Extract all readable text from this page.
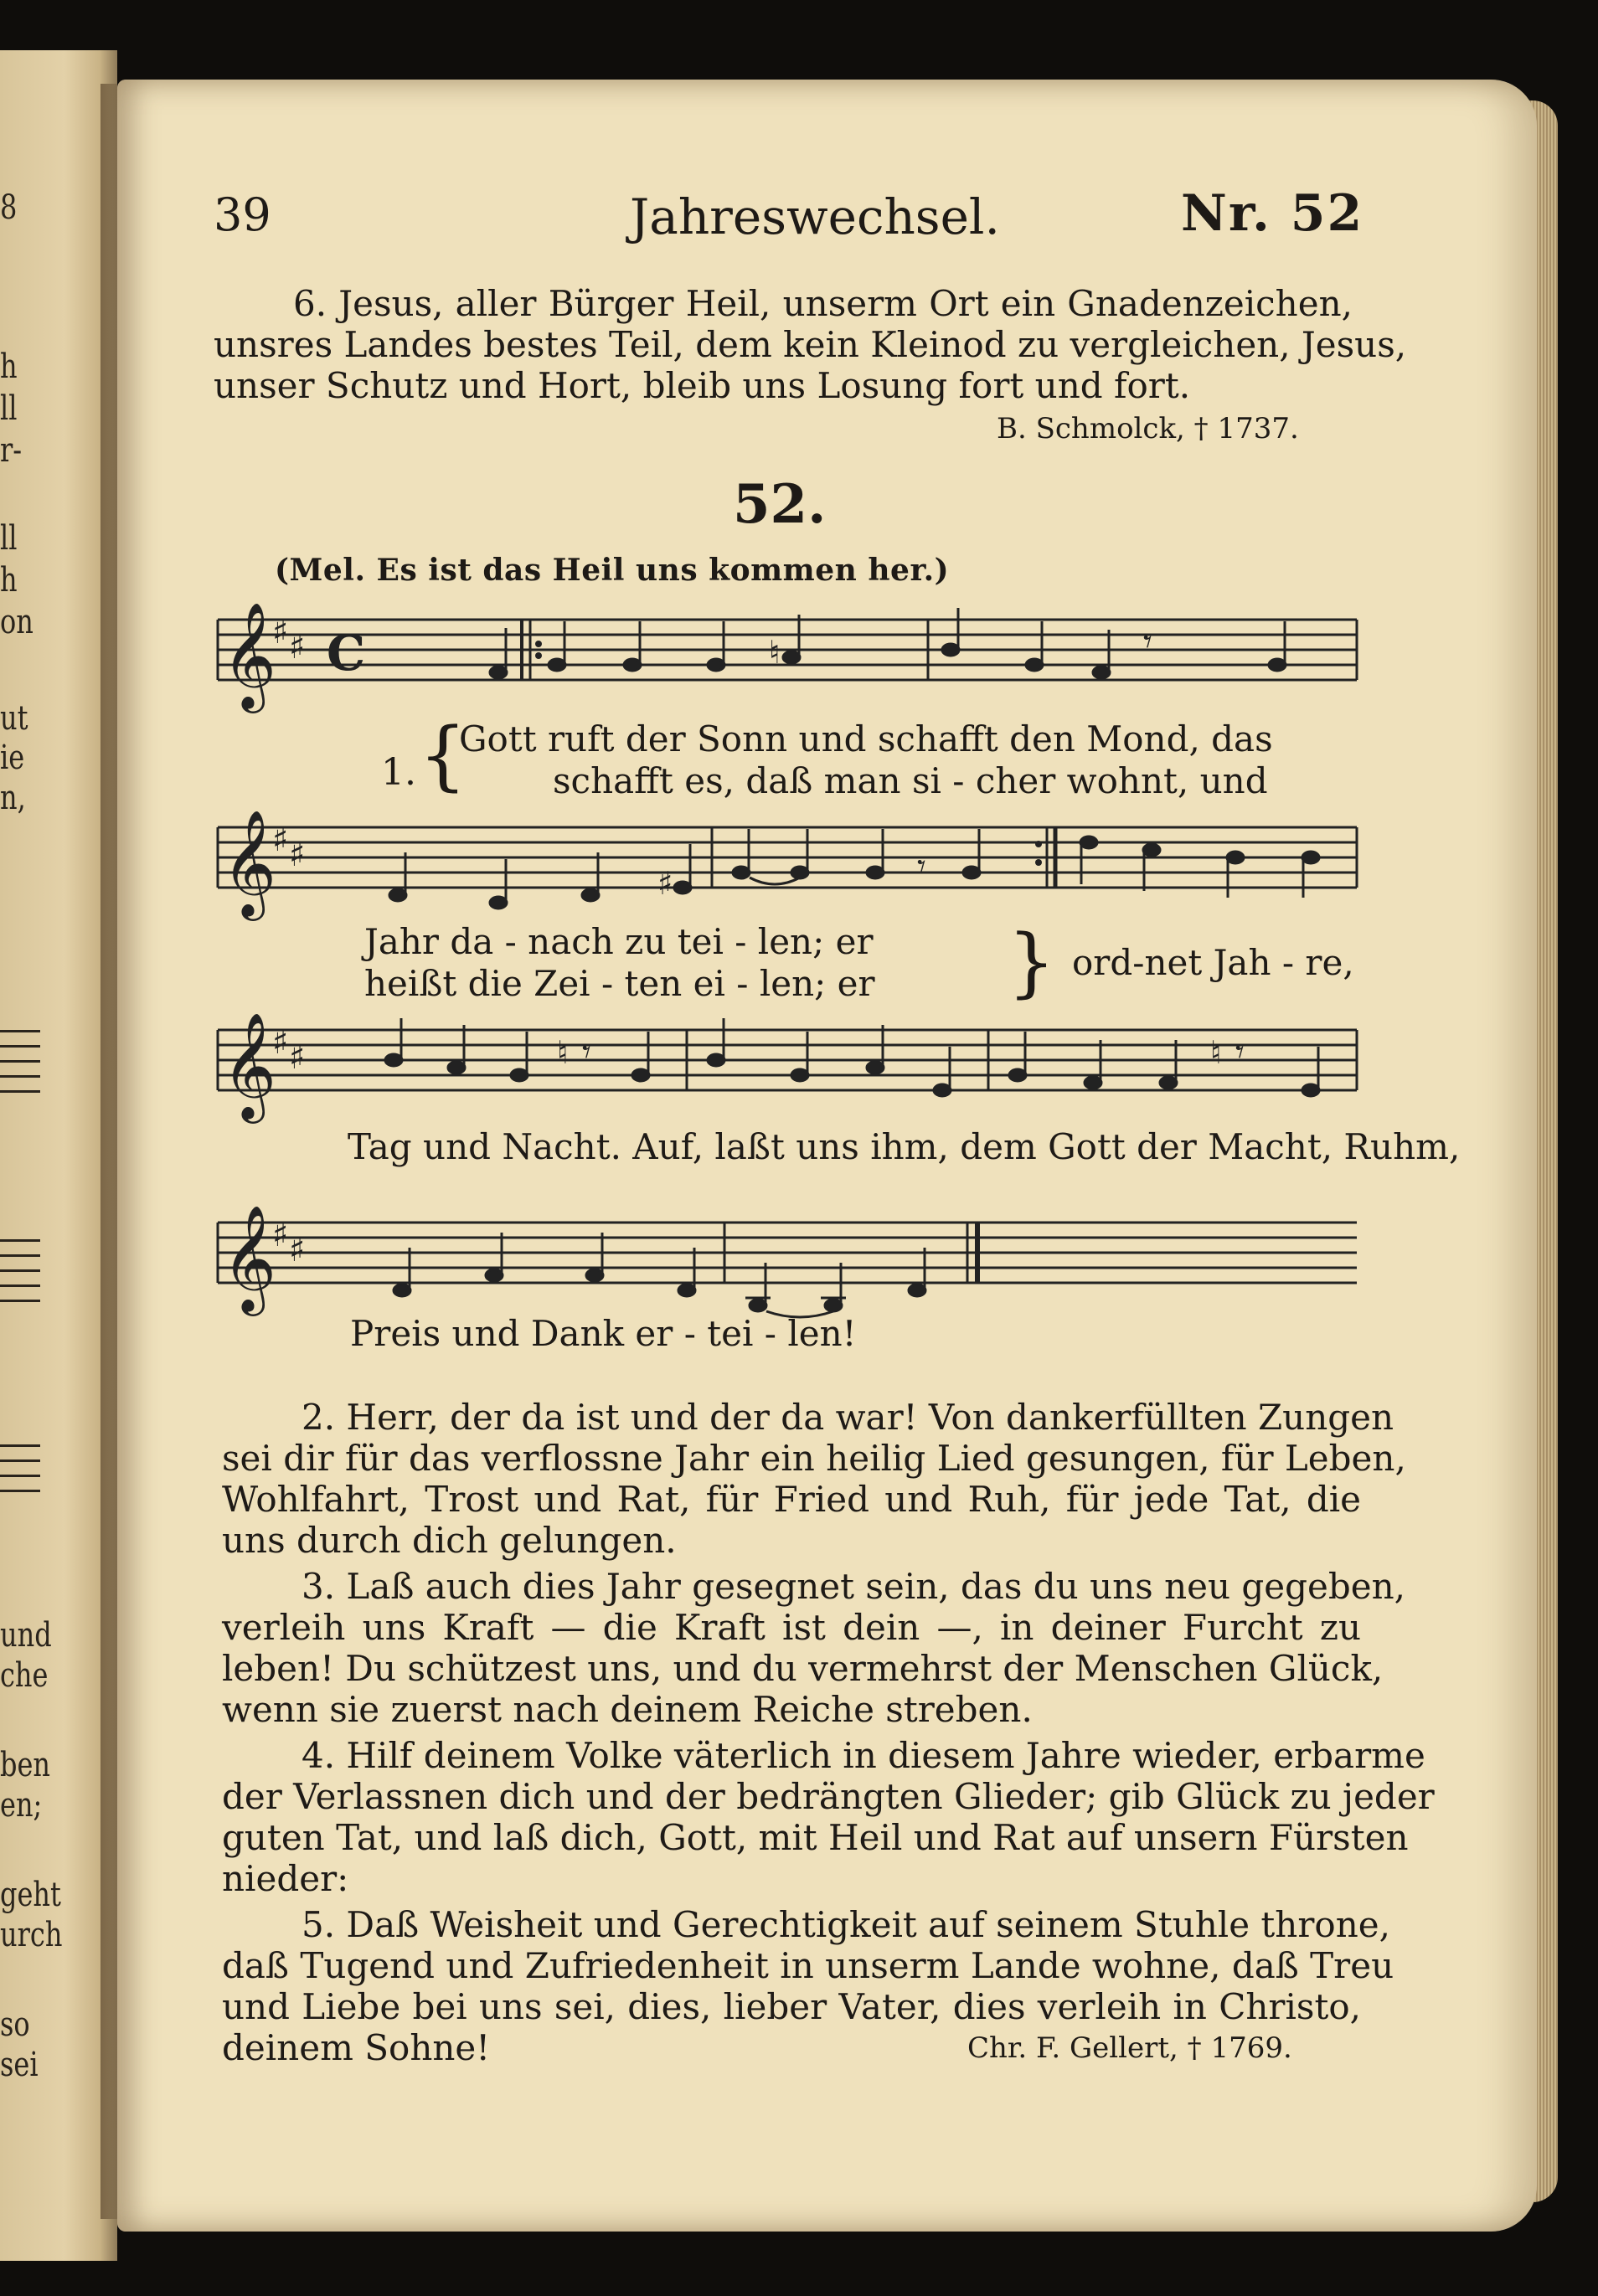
8
h
ll
r-
ll
h
on
ut
ie
n,
und
che
ben
en;
geht
urch
so
sei
39	Jahreswechsel.	Nr. 52
6. Jesus, aller Bürger Heil, unserm Ort ein Gnadenzeichen,
unsres Landes bestes Teil, dem kein Kleinod zu vergleichen, Jesus,
unser Schutz und Hort, bleib uns Losung fort und fort.
B. Schmolck, † 1737.
52.
(Mel. Es ist das Heil uns kommen her.)
𝄞
♯ ♯ C	♮	𝄾
1. {
Gott ruft der Sonn und schafft den Mond, das
schafft es, daß man si - cher wohnt, und
𝄞
♯ ♯
♯	𝄾
Jahr da - nach zu tei - len; er
heißt die Zei - ten ei - len; er } ord-net Jah - re,
𝄞
♯ ♯	♮ 𝄾	♮ 𝄾
Tag und Nacht. Auf, laßt uns ihm, dem Gott der Macht, Ruhm,
𝄞
♯ ♯
Preis und Dank er - tei - len!
2. Herr, der da ist und der da war! Von dankerfüllten Zungen
sei dir für das verflossne Jahr ein heilig Lied gesungen, für Leben,
Wohlfahrt, Trost und Rat, für Fried und Ruh, für jede Tat, die
uns durch dich gelungen.
3. Laß auch dies Jahr gesegnet sein, das du uns neu gegeben,
verleih uns Kraft — die Kraft ist dein —, in deiner Furcht zu
leben! Du schützest uns, und du vermehrst der Menschen Glück,
wenn sie zuerst nach deinem Reiche streben.
4. Hilf deinem Volke väterlich in diesem Jahre wieder, erbarme
der Verlassnen dich und der bedrängten Glieder; gib Glück zu jeder
guten Tat, und laß dich, Gott, mit Heil und Rat auf unsern Fürsten
nieder:
5. Daß Weisheit und Gerechtigkeit auf seinem Stuhle throne,
daß Tugend und Zufriedenheit in unserm Lande wohne, daß Treu
und Liebe bei uns sei, dies, lieber Vater, dies verleih in Christo,
deinem Sohne!	Chr. F. Gellert, † 1769.
